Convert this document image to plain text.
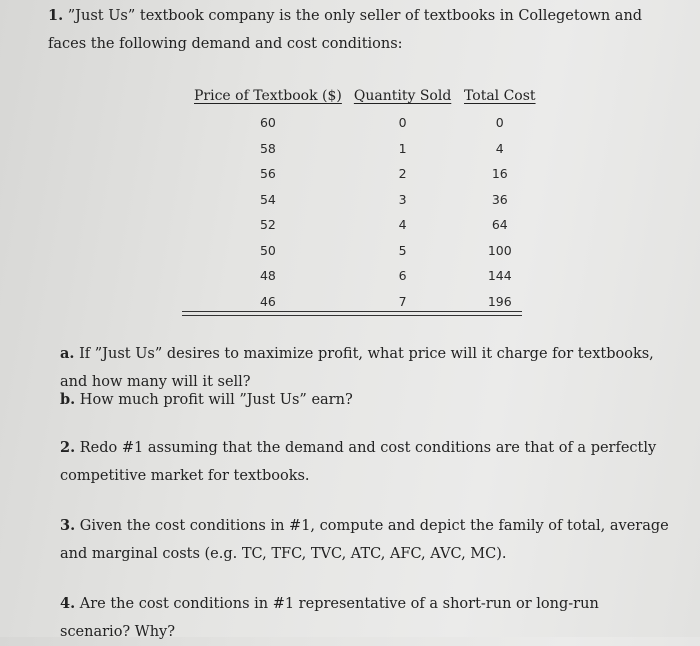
1. ”Just Us” textbook company is the only seller of textbooks in Collegetown and faces the following demand and cost conditions:

Price of Textbook ($)	Quantity Sold	Total Cost
60	0	0
58	1	4
56	2	16
54	3	36
52	4	64
50	5	100
48	6	144
46	7	196

a. If ”Just Us” desires to maximize profit, what price will it charge for textbooks, and how many will it sell?

b. How much profit will ”Just Us” earn?

2. Redo #1 assuming that the demand and cost conditions are that of a perfectly competitive market for textbooks.

3. Given the cost conditions in #1, compute and depict the family of total, average and marginal costs (e.g. TC, TFC, TVC, ATC, AFC, AVC, MC).

4. Are the cost conditions in #1 representative of a short-run or long-run scenario? Why?
